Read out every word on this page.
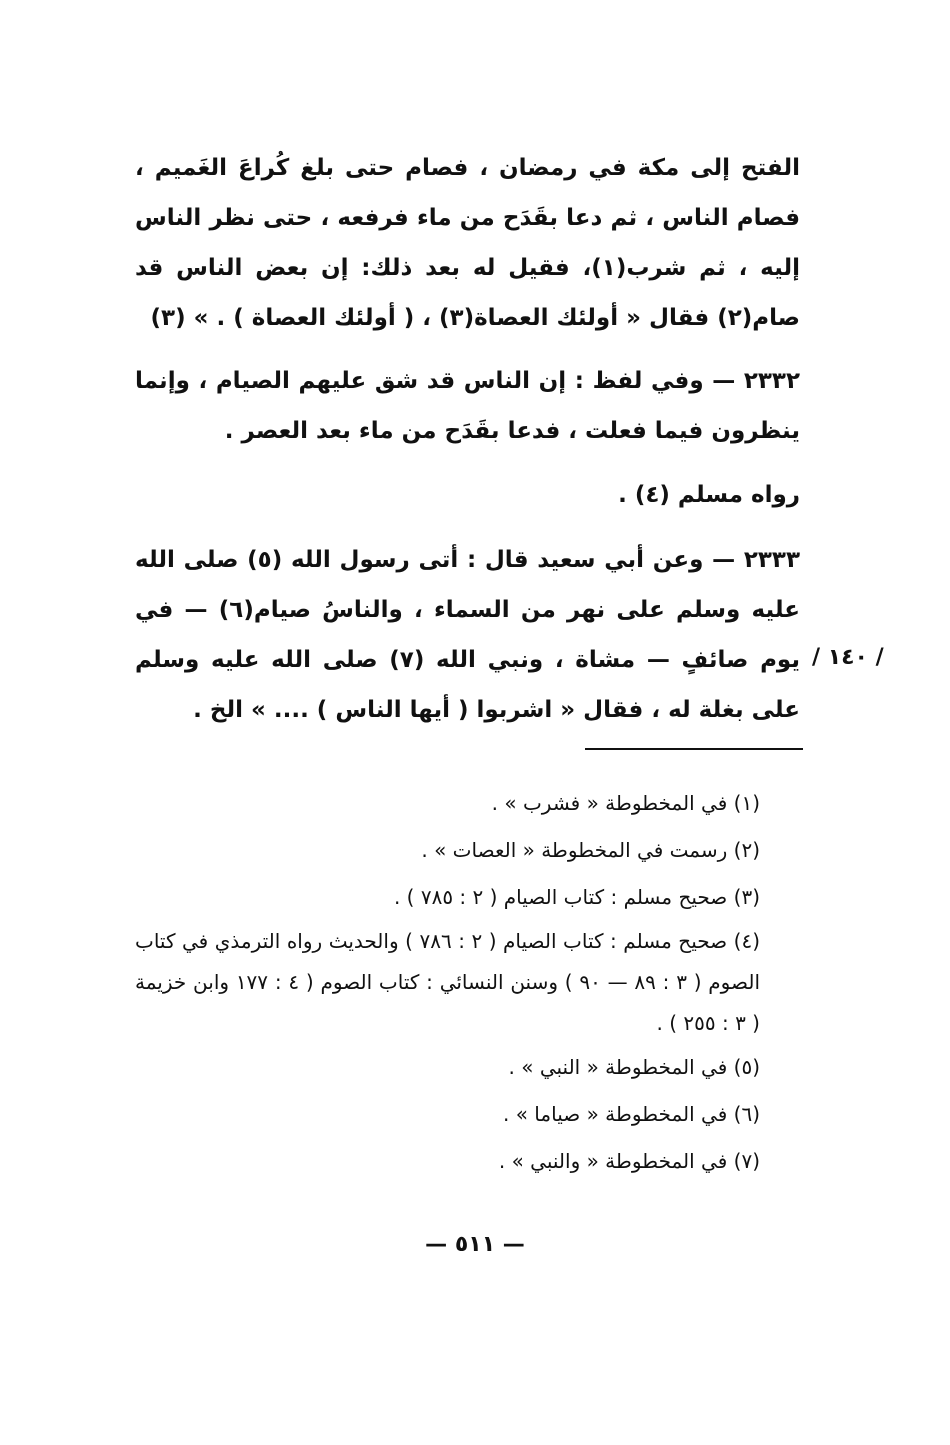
الفتح إلى مكة في رمضان ، فصام حتى بلغ كُراعَ الغَميم ، فصام الناس ، ثم دعا بقَدَح من ماء فرفعه ، حتى نظر الناس إليه ، ثم شرب(١)، فقيل له بعد ذلك: إن بعض الناس قد صام(٢) فقال « أولئك العصاة(٣) ، ( أولئك العصاة ) . » (٣)
٢٣٣٢ — وفي لفظ : إن الناس قد شق عليهم الصيام ، وإنما ينظرون فيما فعلت ، فدعا بقَدَح من ماء بعد العصر .
رواه مسلم (٤) .
٢٣٣٣ — وعن أبي سعيد قال : أتى رسول الله (٥) صلى الله عليه وسلم على نهر من السماء ، والناسُ صيام(٦) — في يوم صائفٍ — مشاة ، ونبي الله (٧) صلى الله عليه وسلم على بغلة له ، فقال « اشربوا ( أيها الناس ) .... » الخ .
/ ١٤٠ /

(١) في المخطوطة « فشرب » .

(٢) رسمت في المخطوطة « العصات » .

(٣) صحيح مسلم : كتاب الصيام ( ٢ : ٧٨٥ ) .

(٤) صحيح مسلم : كتاب الصيام ( ٢ : ٧٨٦ ) والحديث رواه الترمذي في كتاب الصوم ( ٣ : ٨٩ — ٩٠ ) وسنن النسائي : كتاب الصوم ( ٤ : ١٧٧ وابن خزيمة ( ٣ : ٢٥٥ ) .

(٥) في المخطوطة « النبي » .

(٦) في المخطوطة « صياما » .

(٧) في المخطوطة « والنبي » .

— ٥١١ —
